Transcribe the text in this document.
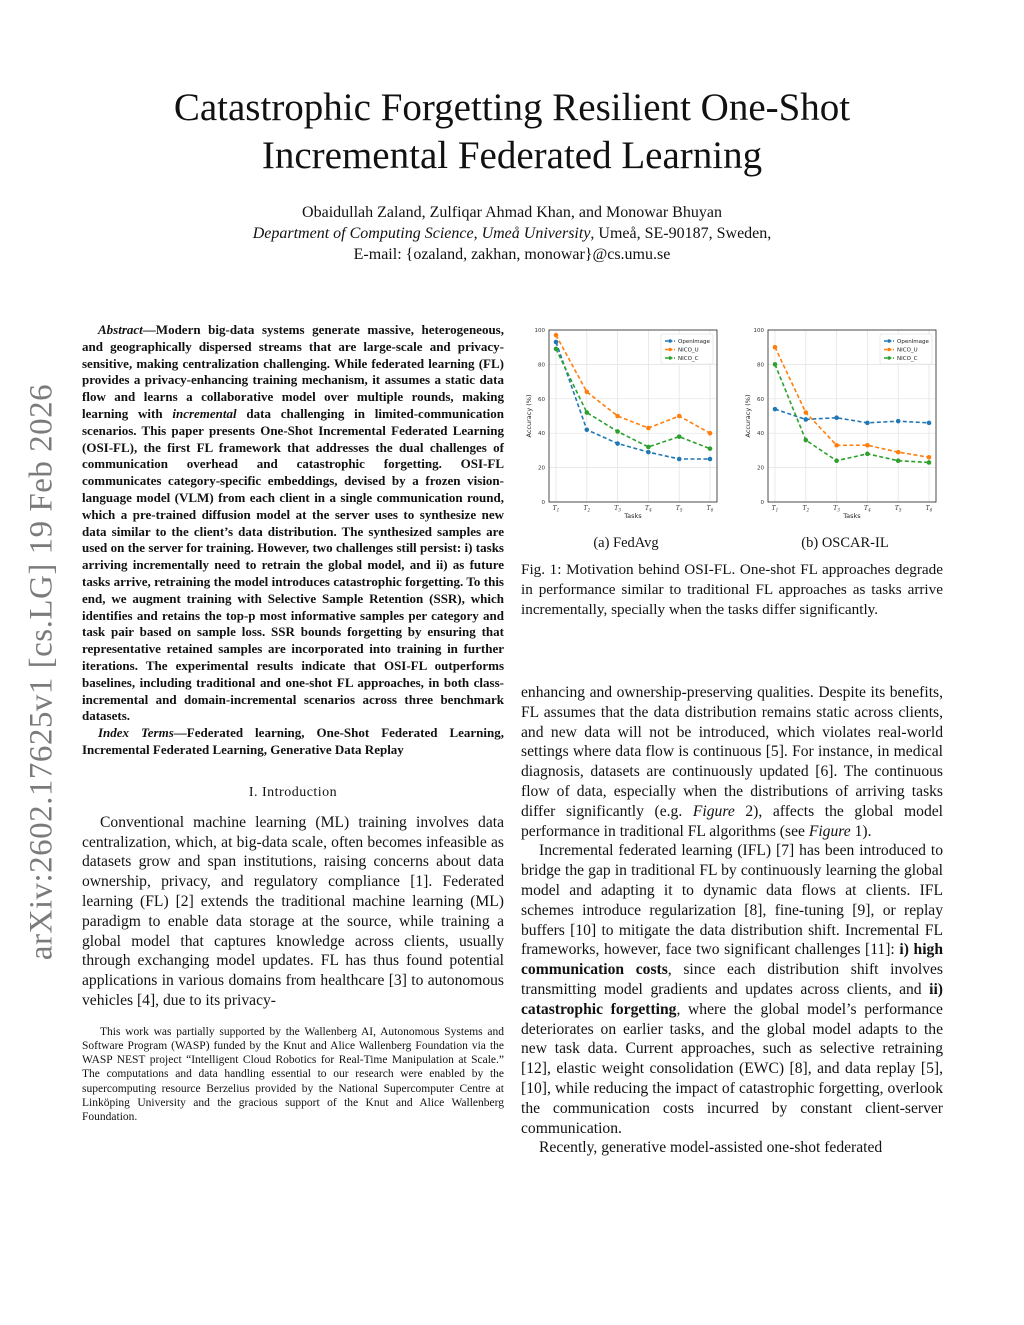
arXiv:2602.17625v1 [cs.LG] 19 Feb 2026
Catastrophic Forgetting Resilient One-Shot
Incremental Federated Learning
Obaidullah Zaland, Zulfiqar Ahmad Khan, and Monowar Bhuyan
Department of Computing Science, Umeå University, Umeå, SE-90187, Sweden,
E-mail: {ozaland, zakhan, monowar}@cs.umu.se

Abstract—Modern big-data systems generate massive, heterogeneous, and geographically dispersed streams that are large-scale and privacy-sensitive, making centralization challenging. While federated learning (FL) provides a privacy-enhancing training mechanism, it assumes a static data flow and learns a collaborative model over multiple rounds, making learning with incremental data challenging in limited-communication scenarios. This paper presents One-Shot Incremental Federated Learning (OSI-FL), the first FL framework that addresses the dual challenges of communication overhead and catastrophic forgetting. OSI-FL communicates category-specific embeddings, devised by a frozen vision-language model (VLM) from each client in a single communication round, which a pre-trained diffusion model at the server uses to synthesize new data similar to the client’s data distribution. The synthesized samples are used on the server for training. However, two challenges still persist: i) tasks arriving incrementally need to retrain the global model, and ii) as future tasks arrive, retraining the model introduces catastrophic forgetting. To this end, we augment training with Selective Sample Retention (SSR), which identifies and retains the top-p most informative samples per category and task pair based on sample loss. SSR bounds forgetting by ensuring that representative retained samples are incorporated into training in further iterations. The experimental results indicate that OSI-FL outperforms baselines, including traditional and one-shot FL approaches, in both class-incremental and domain-incremental scenarios across three benchmark datasets.

Index Terms—Federated learning, One-Shot Federated Learning, Incremental Federated Learning, Generative Data Replay

I. Introduction

Conventional machine learning (ML) training involves data centralization, which, at big-data scale, often becomes infeasible as datasets grow and span institutions, raising concerns about data ownership, privacy, and regulatory compliance [1]. Federated learning (FL) [2] extends the traditional machine learning (ML) paradigm to enable data storage at the source, while training a global model that captures knowledge across clients, usually through exchanging model updates. FL has thus found potential applications in various domains from healthcare [3] to autonomous vehicles [4], due to its privacy-

This work was partially supported by the Wallenberg AI, Autonomous Systems and Software Program (WASP) funded by the Knut and Alice Wallenberg Foundation via the WASP NEST project “Intelligent Cloud Robotics for Real-Time Manipulation at Scale.” The computations and data handling essential to our research were enabled by the supercomputing resource Berzelius provided by the National Supercomputer Centre at Linköping University and the gracious support of the Knut and Alice Wallenberg Foundation.

0
20
40
60
80
100
$T_1$	$T_2$	$T_3$	$T_4$	$T_5$	$T_6$
Tasks
Accuracy (%)
OpenImage
NICO_U
NICO_C
(a) FedAvg
0
20
40
60
80
100
$T_1$	$T_2$	$T_3$	$T_4$	$T_5$	$T_6$
Tasks
Accuracy (%)
OpenImage
NICO_U
NICO_C
(b) OSCAR-IL

Fig. 1: Motivation behind OSI-FL. One-shot FL approaches degrade in performance similar to traditional FL approaches as tasks arrive incrementally, specially when the tasks differ significantly.

enhancing and ownership-preserving qualities. Despite its benefits, FL assumes that the data distribution remains static across clients, and new data will not be introduced, which violates real-world settings where data flow is continuous [5]. For instance, in medical diagnosis, datasets are continuously updated [6]. The continuous flow of data, especially when the distributions of arriving tasks differ significantly (e.g. Figure 2), affects the global model performance in traditional FL algorithms (see Figure 1).

Incremental federated learning (IFL) [7] has been introduced to bridge the gap in traditional FL by continuously learning the global model and adapting it to dynamic data flows at clients. IFL schemes introduce regularization [8], fine-tuning [9], or replay buffers [10] to mitigate the data distribution shift. Incremental FL frameworks, however, face two significant challenges [11]: i) high communication costs, since each distribution shift involves transmitting model gradients and updates across clients, and ii) catastrophic forgetting, where the global model’s performance deteriorates on earlier tasks, and the global model adapts to the new task data. Current approaches, such as selective retraining [12], elastic weight consolidation (EWC) [8], and data replay [5], [10], while reducing the impact of catastrophic forgetting, overlook the communication costs incurred by constant client-server communication.

Recently, generative model-assisted one-shot federated
